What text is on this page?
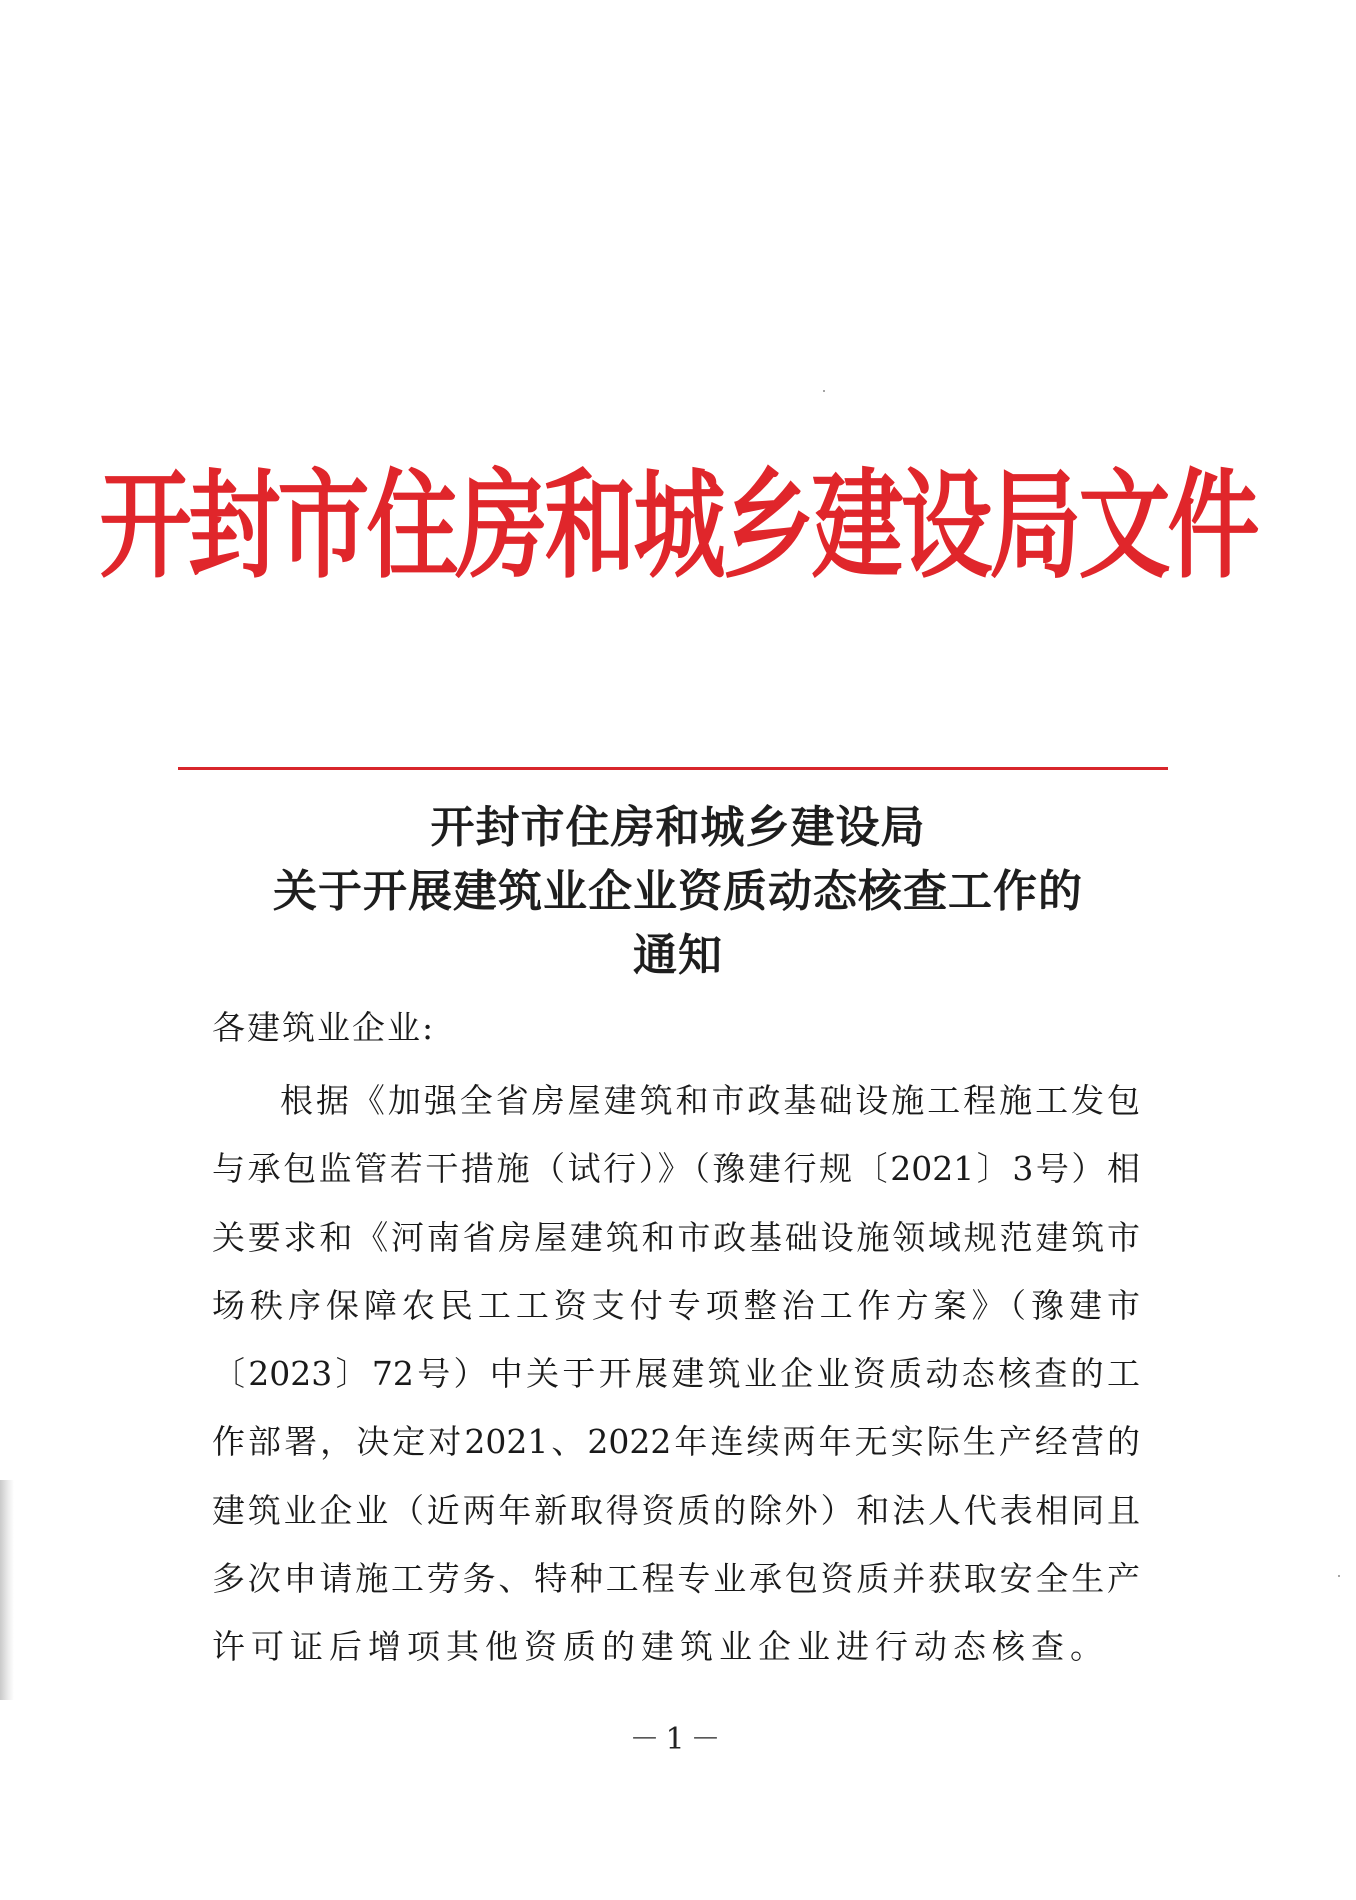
开封市住房和城乡建设局文件
开封市住房和城乡建设局
关于开展建筑业企业资质动态核查工作的
通知
各建筑业企业:
根据《加强全省房屋建筑和市政基础设施工程施工发包
与承包监管若干措施（试行）》（豫建行规〔2021〕3号）相
关要求和《河南省房屋建筑和市政基础设施领域规范建筑市
场秩序保障农民工工资支付专项整治工作方案》（豫建市
〔2023〕72号）中关于开展建筑业企业资质动态核查的工
作部署，决定对2021、2022年连续两年无实际生产经营的
建筑业企业（近两年新取得资质的除外）和法人代表相同且
多次申请施工劳务、特种工程专业承包资质并获取安全生产
许可证后增项其他资质的建筑业企业进行动态核查。
－1－
